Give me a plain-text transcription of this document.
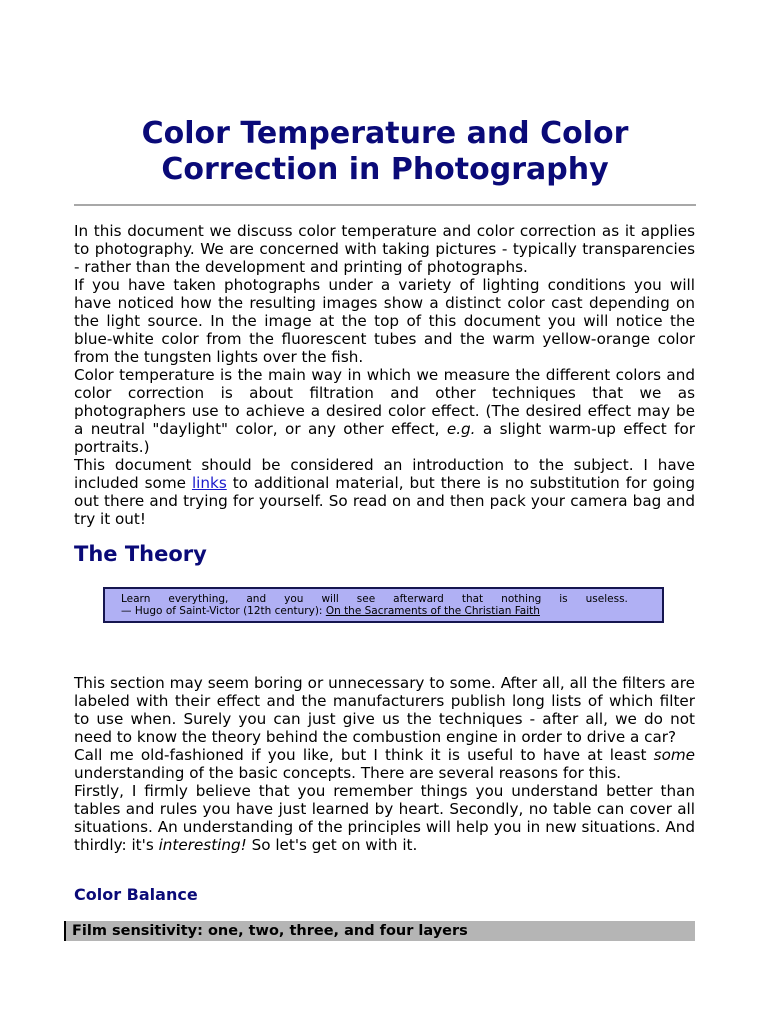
Color Temperature and Color
Correction in Photography

In this document we discuss color temperature and color correction as it applies to photography. We are concerned with taking pictures - typically transparencies - rather than the development and printing of photographs.

If you have taken photographs under a variety of lighting conditions you will have noticed how the resulting images show a distinct color cast depending on the light source. In the image at the top of this document you will notice the blue-white color from the fluorescent tubes and the warm yellow-orange color from the tungsten lights over the fish.

Color temperature is the main way in which we measure the different colors and color correction is about filtration and other techniques that we as photographers use to achieve a desired color effect. (The desired effect may be a neutral "daylight" color, or any other effect, e.g. a slight warm-up effect for portraits.)

This document should be considered an introduction to the subject. I have included some links to additional material, but there is no substitution for going out there and trying for yourself. So read on and then pack your camera bag and try it out!

The Theory
Learn everything, and you will see afterward that nothing is useless.
— Hugo of Saint-Victor (12th century): On the Sacraments of the Christian Faith

This section may seem boring or unnecessary to some. After all, all the filters are labeled with their effect and the manufacturers publish long lists of which filter to use when. Surely you can just give us the techniques - after all, we do not need to know the theory behind the combustion engine in order to drive a car?

Call me old-fashioned if you like, but I think it is useful to have at least some understanding of the basic concepts. There are several reasons for this.

Firstly, I firmly believe that you remember things you understand better than tables and rules you have just learned by heart. Secondly, no table can cover all situations. An understanding of the principles will help you in new situations. And thirdly: it's interesting! So let's get on with it.

Color Balance
Film sensitivity: one, two, three, and four layers
